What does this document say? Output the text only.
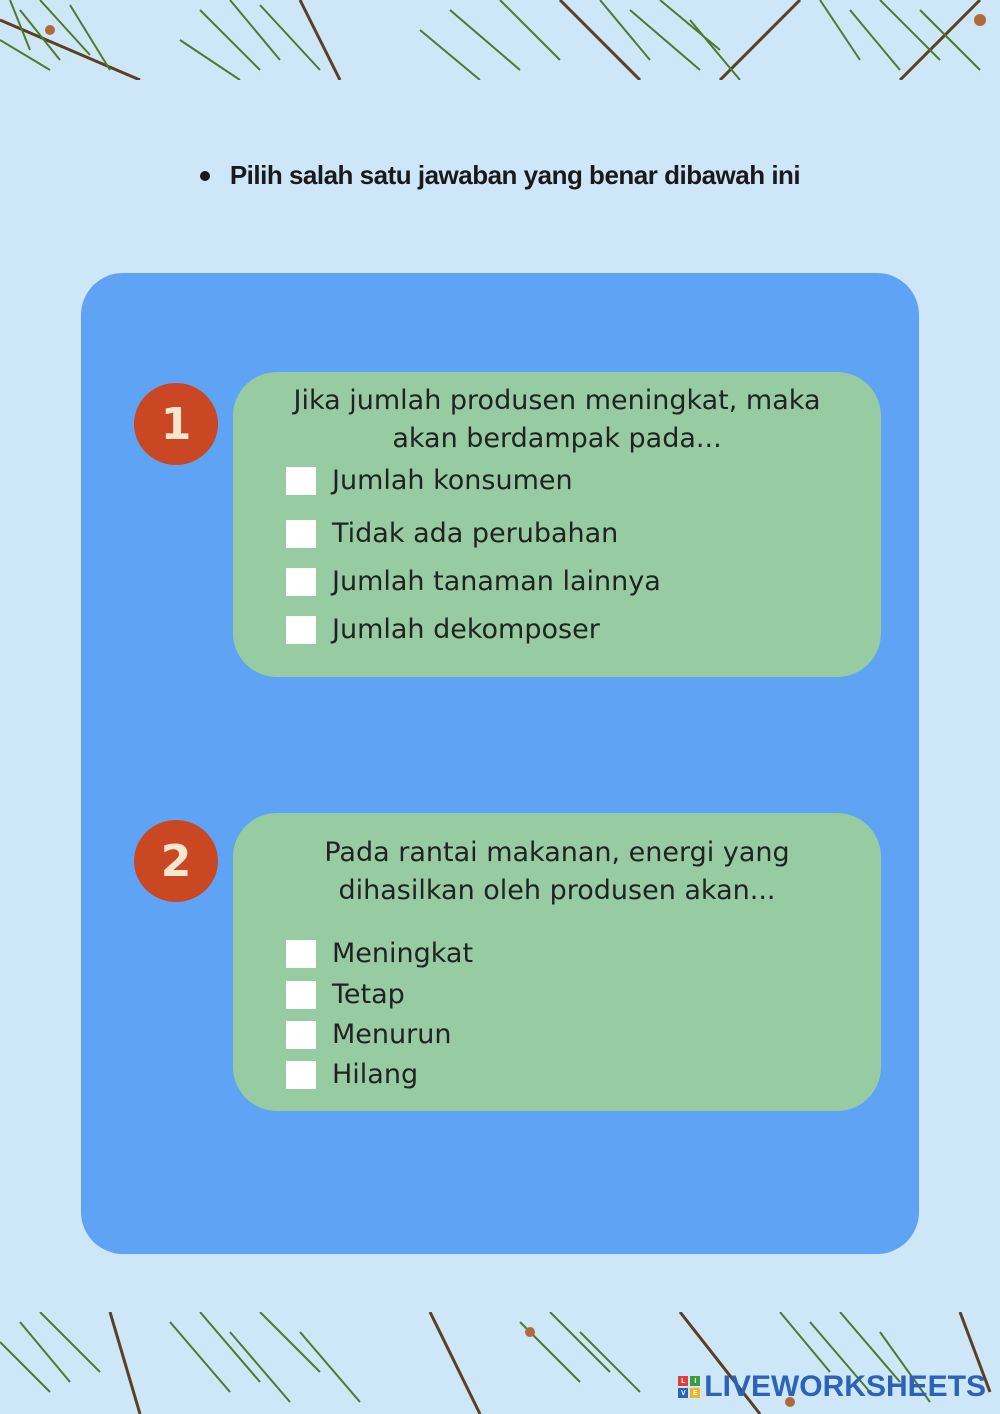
Pilih salah satu jawaban yang benar dibawah ini
1	Jika jumlah produsen meningkat, maka akan berdampak pada...
Jumlah konsumen
Tidak ada perubahan
Jumlah tanaman lainnya
Jumlah dekomposer
2	Pada rantai makanan, energi yang dihasilkan oleh produsen akan...
Meningkat
Tetap
Menurun
Hilang
L	I
V	E LIVEWORKSHEETS
